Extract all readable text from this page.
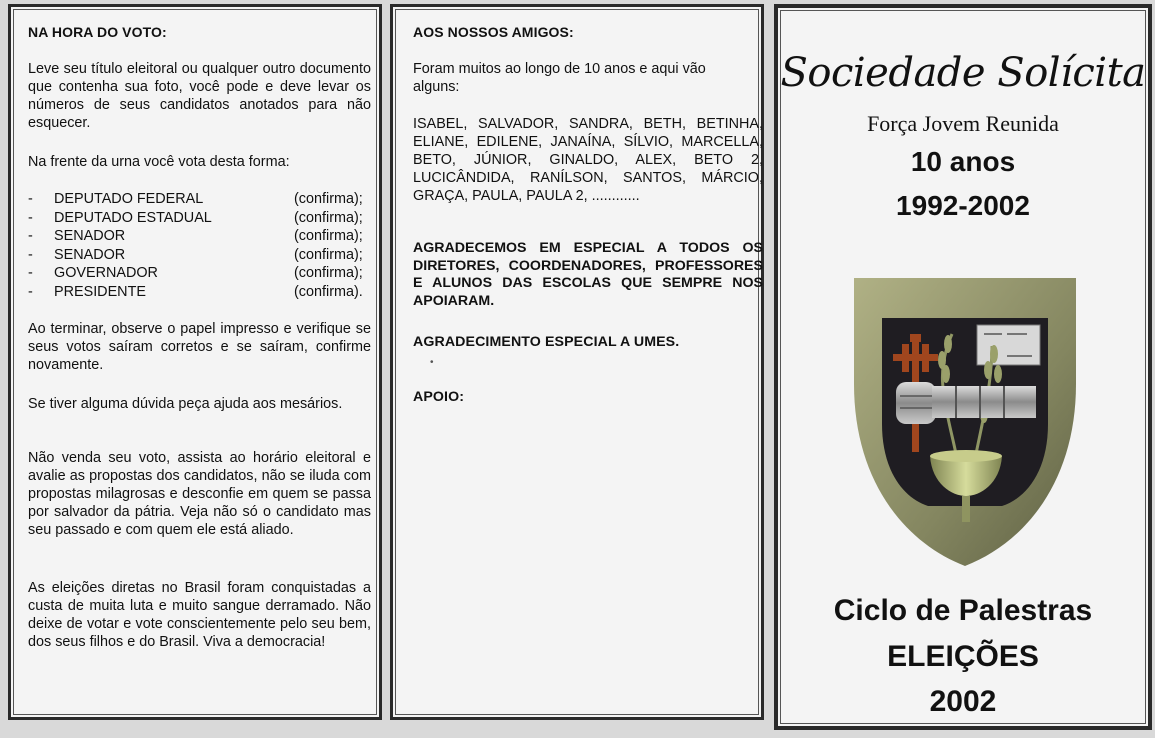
NA HORA DO VOTO:
Leve seu título eleitoral ou qualquer outro documento que contenha sua foto, você pode e deve levar os números de seus candidatos anotados para não esquecer.
Na frente da urna você vota desta forma:
-	DEPUTADO FEDERAL	(confirma);
-	DEPUTADO ESTADUAL	(confirma);
-	SENADOR	(confirma);
-	SENADOR	(confirma);
-	GOVERNADOR	(confirma);
-	PRESIDENTE	(confirma).
Ao terminar, observe o papel impresso e verifique se seus votos saíram corretos e se saíram, confirme novamente.
Se tiver alguma dúvida peça ajuda aos mesários.
Não venda seu voto, assista ao horário eleitoral e avalie as propostas dos candidatos, não se iluda com propostas milagrosas e desconfie em quem se passa por salvador da pátria. Veja não só o candidato mas seu passado e com quem ele está aliado.
As eleições diretas no Brasil foram conquistadas a custa de muita luta e muito sangue derramado. Não deixe de votar e vote conscientemente pelo seu bem, dos seus filhos e do Brasil. Viva a democracia!
AOS NOSSOS AMIGOS:
Foram muitos ao longo de 10 anos e aqui vão alguns:
ISABEL, SALVADOR, SANDRA, BETH, BETINHA, ELIANE, EDILENE, JANAÍNA, SÍLVIO, MARCELLA, BETO, JÚNIOR, GINALDO, ALEX, BETO 2, LUCICÂNDIDA, RANÍLSON, SANTOS, MÁRCIO, GRAÇA, PAULA, PAULA 2, ............
AGRADECEMOS EM ESPECIAL A TODOS OS DIRETORES, COORDENADORES, PROFESSORES E ALUNOS DAS ESCOLAS QUE SEMPRE NOS APOIARAM.
AGRADECIMENTO ESPECIAL A UMES.
•
APOIO:
Sociedade Solícita
Força Jovem Reunida
10 anos
1992-2002
Ciclo de Palestras
ELEIÇÕES
2002
